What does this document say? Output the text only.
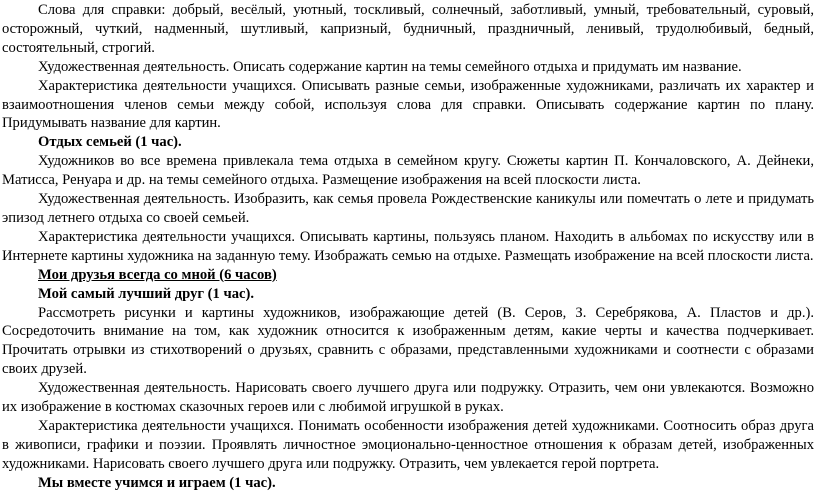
Слова для справки: добрый, весёлый, уютный, тоскливый, солнечный, заботливый, умный, требовательный, суровый, осторожный, чуткий, надменный, шутливый, капризный, будничный, праздничный, ленивый, трудолюбивый, бедный, состоятельный, строгий.

Художественная деятельность. Описать содержание картин на темы семейного отдыха и придумать им название.

Характеристика деятельности учащихся. Описывать разные семьи, изображенные художниками, различать их характер и взаимоотношения членов семьи между собой, используя слова для справки. Описывать содержание картин по плану. Придумывать название для картин.

Отдых семьей (1 час).

Художников во все времена привлекала тема отдыха в семейном кругу. Сюжеты картин П. Кончаловского, А. Дейнеки, Матисса, Ренуара и др. на темы семейного отдыха. Размещение изображения на всей плоскости листа.

Художественная деятельность. Изобразить, как семья провела Рождественские каникулы или помечтать о лете и придумать эпизод летнего отдыха со своей семьей.

Характеристика деятельности учащихся. Описывать картины, пользуясь планом. Находить в альбомах по искусству или в Интернете картины художника на заданную тему. Изображать семью на отдыхе. Размещать изображение на всей плоскости листа.

Мои друзья всегда со мной (6 часов)

Мой самый лучший друг (1 час).

Рассмотреть рисунки и картины художников, изображающие детей (В. Серов, З. Серебрякова, А. Пластов и др.). Сосредоточить внимание на том, как художник относится к изображенным детям, какие черты и качества подчеркивает. Прочитать отрывки из стихотворений о друзьях, сравнить с образами, представленными художниками и соотнести с образами своих друзей.

Художественная деятельность. Нарисовать своего лучшего друга или подружку. Отразить, чем они увлекаются. Возможно их изображение в костюмах сказочных героев или с любимой игрушкой в руках.

Характеристика деятельности учащихся. Понимать особенности изображения детей художниками. Соотносить образ друга в живописи, графики и поэзии. Проявлять личностное эмоционально-ценностное отношения к образам детей, изображенных художниками. Нарисовать своего лучшего друга или подружку. Отразить, чем увлекается герой портрета.

Мы вместе учимся и играем (1 час).
